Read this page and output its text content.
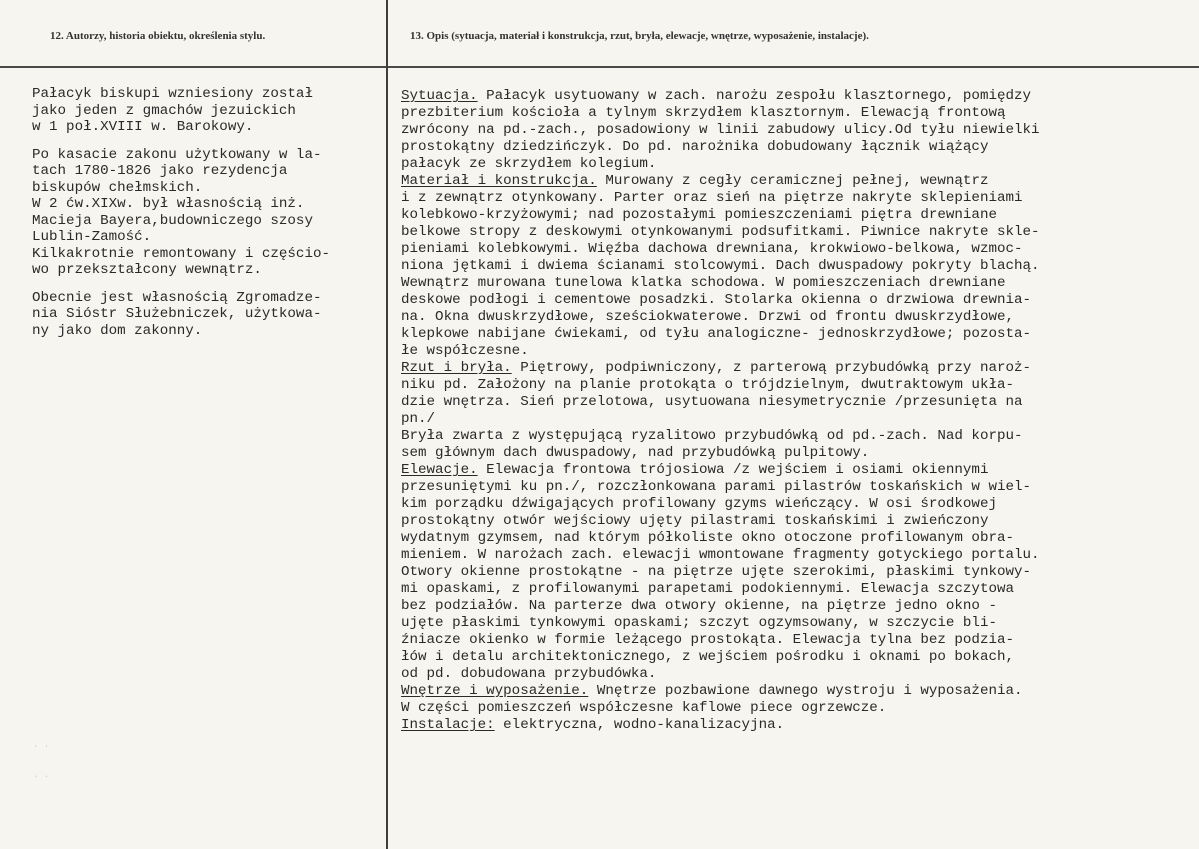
12. Autorzy, historia obiektu, określenia stylu.	13. Opis (sytuacja, materiał i konstrukcja, rzut, bryła, elewacje, wnętrze, wyposażenie, instalacje).
Pałacyk biskupi wzniesiony został
jako jeden z gmachów jezuickich
w 1 poł.XVIII w. Barokowy.
Po kasacie zakonu użytkowany w la-
tach 1780-1826 jako rezydencja
biskupów chełmskich.
W 2 ćw.XIXw. był własnością inż.
Macieja Bayera,budowniczego szosy
Lublin-Zamość.
Kilkakrotnie remontowany i częścio-
wo przekształcony wewnątrz.
Obecnie jest własnością Zgromadze-
nia Sióstr Służebniczek, użytkowa-
ny jako dom zakonny.
Sytuacja. Pałacyk usytuowany w zach. narożu zespołu klasztornego, pomiędzy
prezbiterium kościoła a tylnym skrzydłem klasztornym. Elewacją frontową
zwrócony na pd.-zach., posadowiony w linii zabudowy ulicy.Od tyłu niewielki
prostokątny dziedzińczyk. Do pd. narożnika dobudowany łącznik wiążący
pałacyk ze skrzydłem kolegium.
Materiał i konstrukcja. Murowany z cegły ceramicznej pełnej, wewnątrz
i z zewnątrz otynkowany. Parter oraz sień na piętrze nakryte sklepieniami
kolebkowo-krzyżowymi; nad pozostałymi pomieszczeniami piętra drewniane
belkowe stropy z deskowymi otynkowanymi podsufitkami. Piwnice nakryte skle-
pieniami kolebkowymi. Więźba dachowa drewniana, krokwiowo-belkowa, wzmoc-
niona jętkami i dwiema ścianami stolcowymi. Dach dwuspadowy pokryty blachą.
Wewnątrz murowana tunelowa klatka schodowa. W pomieszczeniach drewniane
deskowe podłogi i cementowe posadzki. Stolarka okienna o drzwiowa drewnia-
na. Okna dwuskrzydłowe, sześciokwaterowe. Drzwi od frontu dwuskrzydłowe,
klepkowe nabijane ćwiekami, od tyłu analogiczne- jednoskrzydłowe; pozosta-
łe współczesne.
Rzut i bryła. Piętrowy, podpiwniczony, z parterową przybudówką przy naroż-
niku pd. Założony na planie protokąta o trójdzielnym, dwutraktowym ukła-
dzie wnętrza. Sień przelotowa, usytuowana niesymetrycznie /przesunięta na
pn./
Bryła zwarta z występującą ryzalitowo przybudówką od pd.-zach. Nad korpu-
sem głównym dach dwuspadowy, nad przybudówką pulpitowy.
Elewacje. Elewacja frontowa trójosiowa /z wejściem i osiami okiennymi
przesuniętymi ku pn./, rozczłonkowana parami pilastrów toskańskich w wiel-
kim porządku dźwigających profilowany gzyms wieńczący. W osi środkowej
prostokątny otwór wejściowy ujęty pilastrami toskańskimi i zwieńczony
wydatnym gzymsem, nad którym półkoliste okno otoczone profilowanym obra-
mieniem. W narożach zach. elewacji wmontowane fragmenty gotyckiego portalu.
Otwory okienne prostokątne - na piętrze ujęte szerokimi, płaskimi tynkowy-
mi opaskami, z profilowanymi parapetami podokiennymi. Elewacja szczytowa
bez podziałów. Na parterze dwa otwory okienne, na piętrze jedno okno -
ujęte płaskimi tynkowymi opaskami; szczyt ogzymsowany, w szczycie bli-
źniacze okienko w formie leżącego prostokąta. Elewacja tylna bez podzia-
łów i detalu architektonicznego, z wejściem pośrodku i oknami po bokach,
od pd. dobudowana przybudówka.
Wnętrze i wyposażenie. Wnętrze pozbawione dawnego wystroju i wyposażenia.
W części pomieszczeń współczesne kaflowe piece ogrzewcze.
Instalacje: elektryczna, wodno-kanalizacyjna.
. .
. .
